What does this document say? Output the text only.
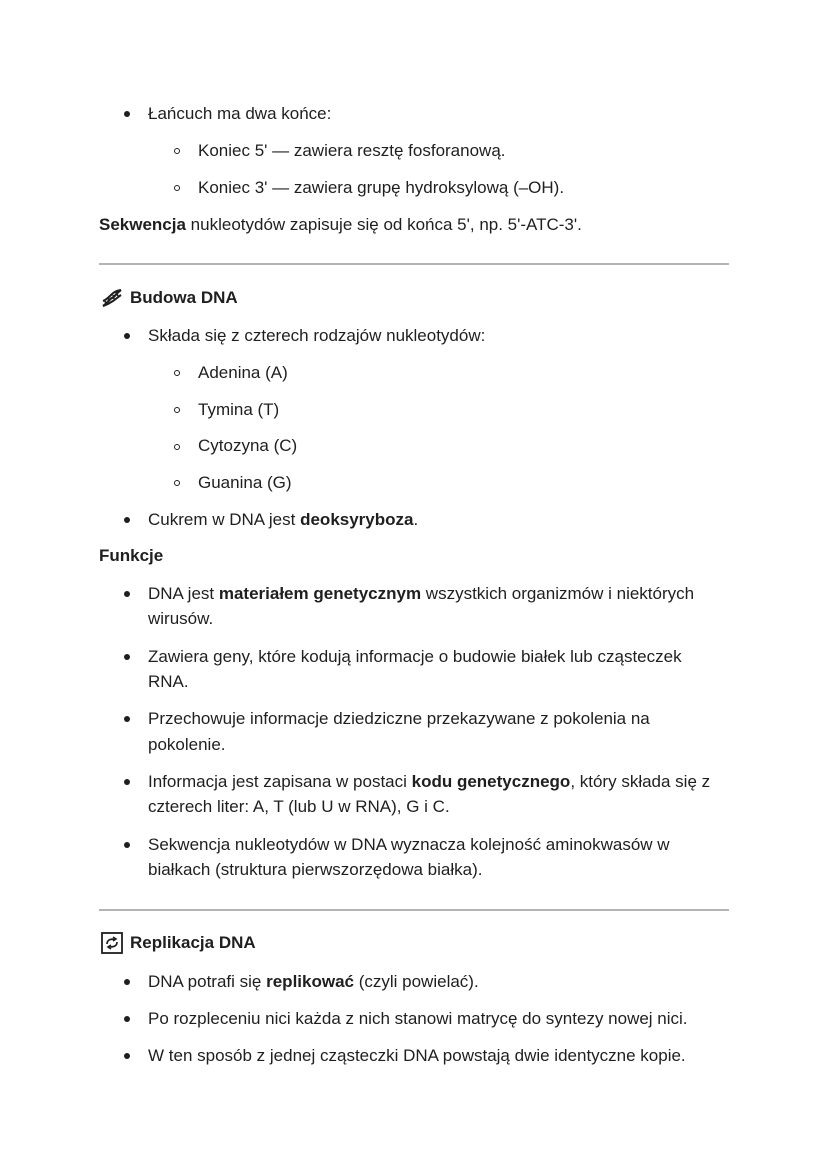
Łańcuch ma dwa końce:
Koniec 5' — zawiera resztę fosforanową.
Koniec 3' — zawiera grupę hydroksylową (–OH).
Sekwencja nukleotydów zapisuje się od końca 5', np. 5'-ATC-3'.
Budowa DNA
Składa się z czterech rodzajów nukleotydów:
Adenina (A)
Tymina (T)
Cytozyna (C)
Guanina (G)
Cukrem w DNA jest deoksyryboza.
Funkcje
DNA jest materiałem genetycznym wszystkich organizmów i niektórych
wirusów.
Zawiera geny, które kodują informacje o budowie białek lub cząsteczek
RNA.
Przechowuje informacje dziedziczne przekazywane z pokolenia na
pokolenie.
Informacja jest zapisana w postaci kodu genetycznego, który składa się z
czterech liter: A, T (lub U w RNA), G i C.
Sekwencja nukleotydów w DNA wyznacza kolejność aminokwasów w
białkach (struktura pierwszorzędowa białka).
Replikacja DNA
DNA potrafi się replikować (czyli powielać).
Po rozpleceniu nici każda z nich stanowi matrycę do syntezy nowej nici.
W ten sposób z jednej cząsteczki DNA powstają dwie identyczne kopie.
